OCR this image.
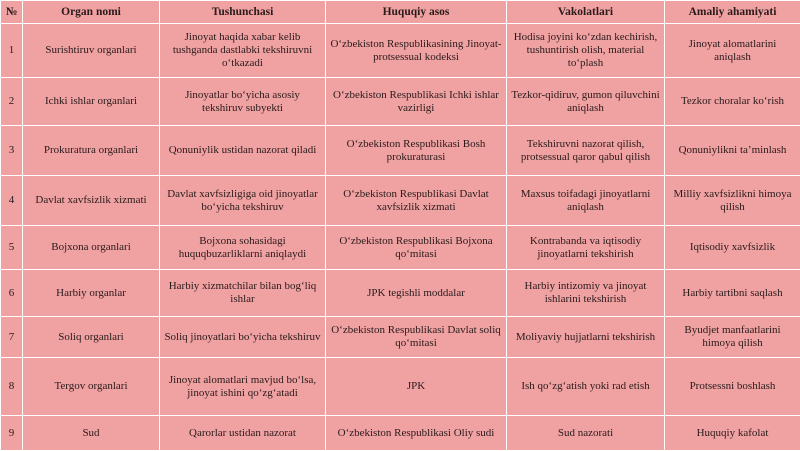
№	Organ nomi	Tushunchasi	Huquqiy asos	Vakolatlari	Amaliy ahamiyati
1	Surishtiruv organlari	Jinoyat haqida xabar kelib tushganda dastlabki tekshiruvni o‘tkazadi	O‘zbekiston Respublikasining Jinoyat-protsessual kodeksi	Hodisa joyini ko‘zdan kechirish, tushuntirish olish, material to‘plash	Jinoyat alomatlarini aniqlash
2	Ichki ishlar organlari	Jinoyatlar bo‘yicha asosiy tekshiruv subyekti	O‘zbekiston Respublikasi Ichki ishlar vazirligi	Tezkor-qidiruv, gumon qiluvchini aniqlash	Tezkor choralar ko‘rish
3	Prokuratura organlari	Qonuniylik ustidan nazorat qiladi	O‘zbekiston Respublikasi Bosh prokuraturasi	Tekshiruvni nazorat qilish, protsessual qaror qabul qilish	Qonuniylikni ta’minlash
4	Davlat xavfsizlik xizmati	Davlat xavfsizligiga oid jinoyatlar bo‘yicha tekshiruv	O‘zbekiston Respublikasi Davlat xavfsizlik xizmati	Maxsus toifadagi jinoyatlarni aniqlash	Milliy xavfsizlikni himoya qilish
5	Bojxona organlari	Bojxona sohasidagi huquqbuzarliklarni aniqlaydi	O‘zbekiston Respublikasi Bojxona qo‘mitasi	Kontrabanda va iqtisodiy jinoyatlarni tekshirish	Iqtisodiy xavfsizlik
6	Harbiy organlar	Harbiy xizmatchilar bilan bog‘liq ishlar	JPK tegishli moddalar	Harbiy intizomiy va jinoyat ishlarini tekshirish	Harbiy tartibni saqlash
7	Soliq organlari	Soliq jinoyatlari bo‘yicha tekshiruv	O‘zbekiston Respublikasi Davlat soliq qo‘mitasi	Moliyaviy hujjatlarni tekshirish	Byudjet manfaatlarini himoya qilish
8	Tergov organlari	Jinoyat alomatlari mavjud bo‘lsa, jinoyat ishini qo‘zg‘atadi	JPK	Ish qo‘zg‘atish yoki rad etish	Protsessni boshlash
9	Sud	Qarorlar ustidan nazorat	O‘zbekiston Respublikasi Oliy sudi	Sud nazorati	Huquqiy kafolat
